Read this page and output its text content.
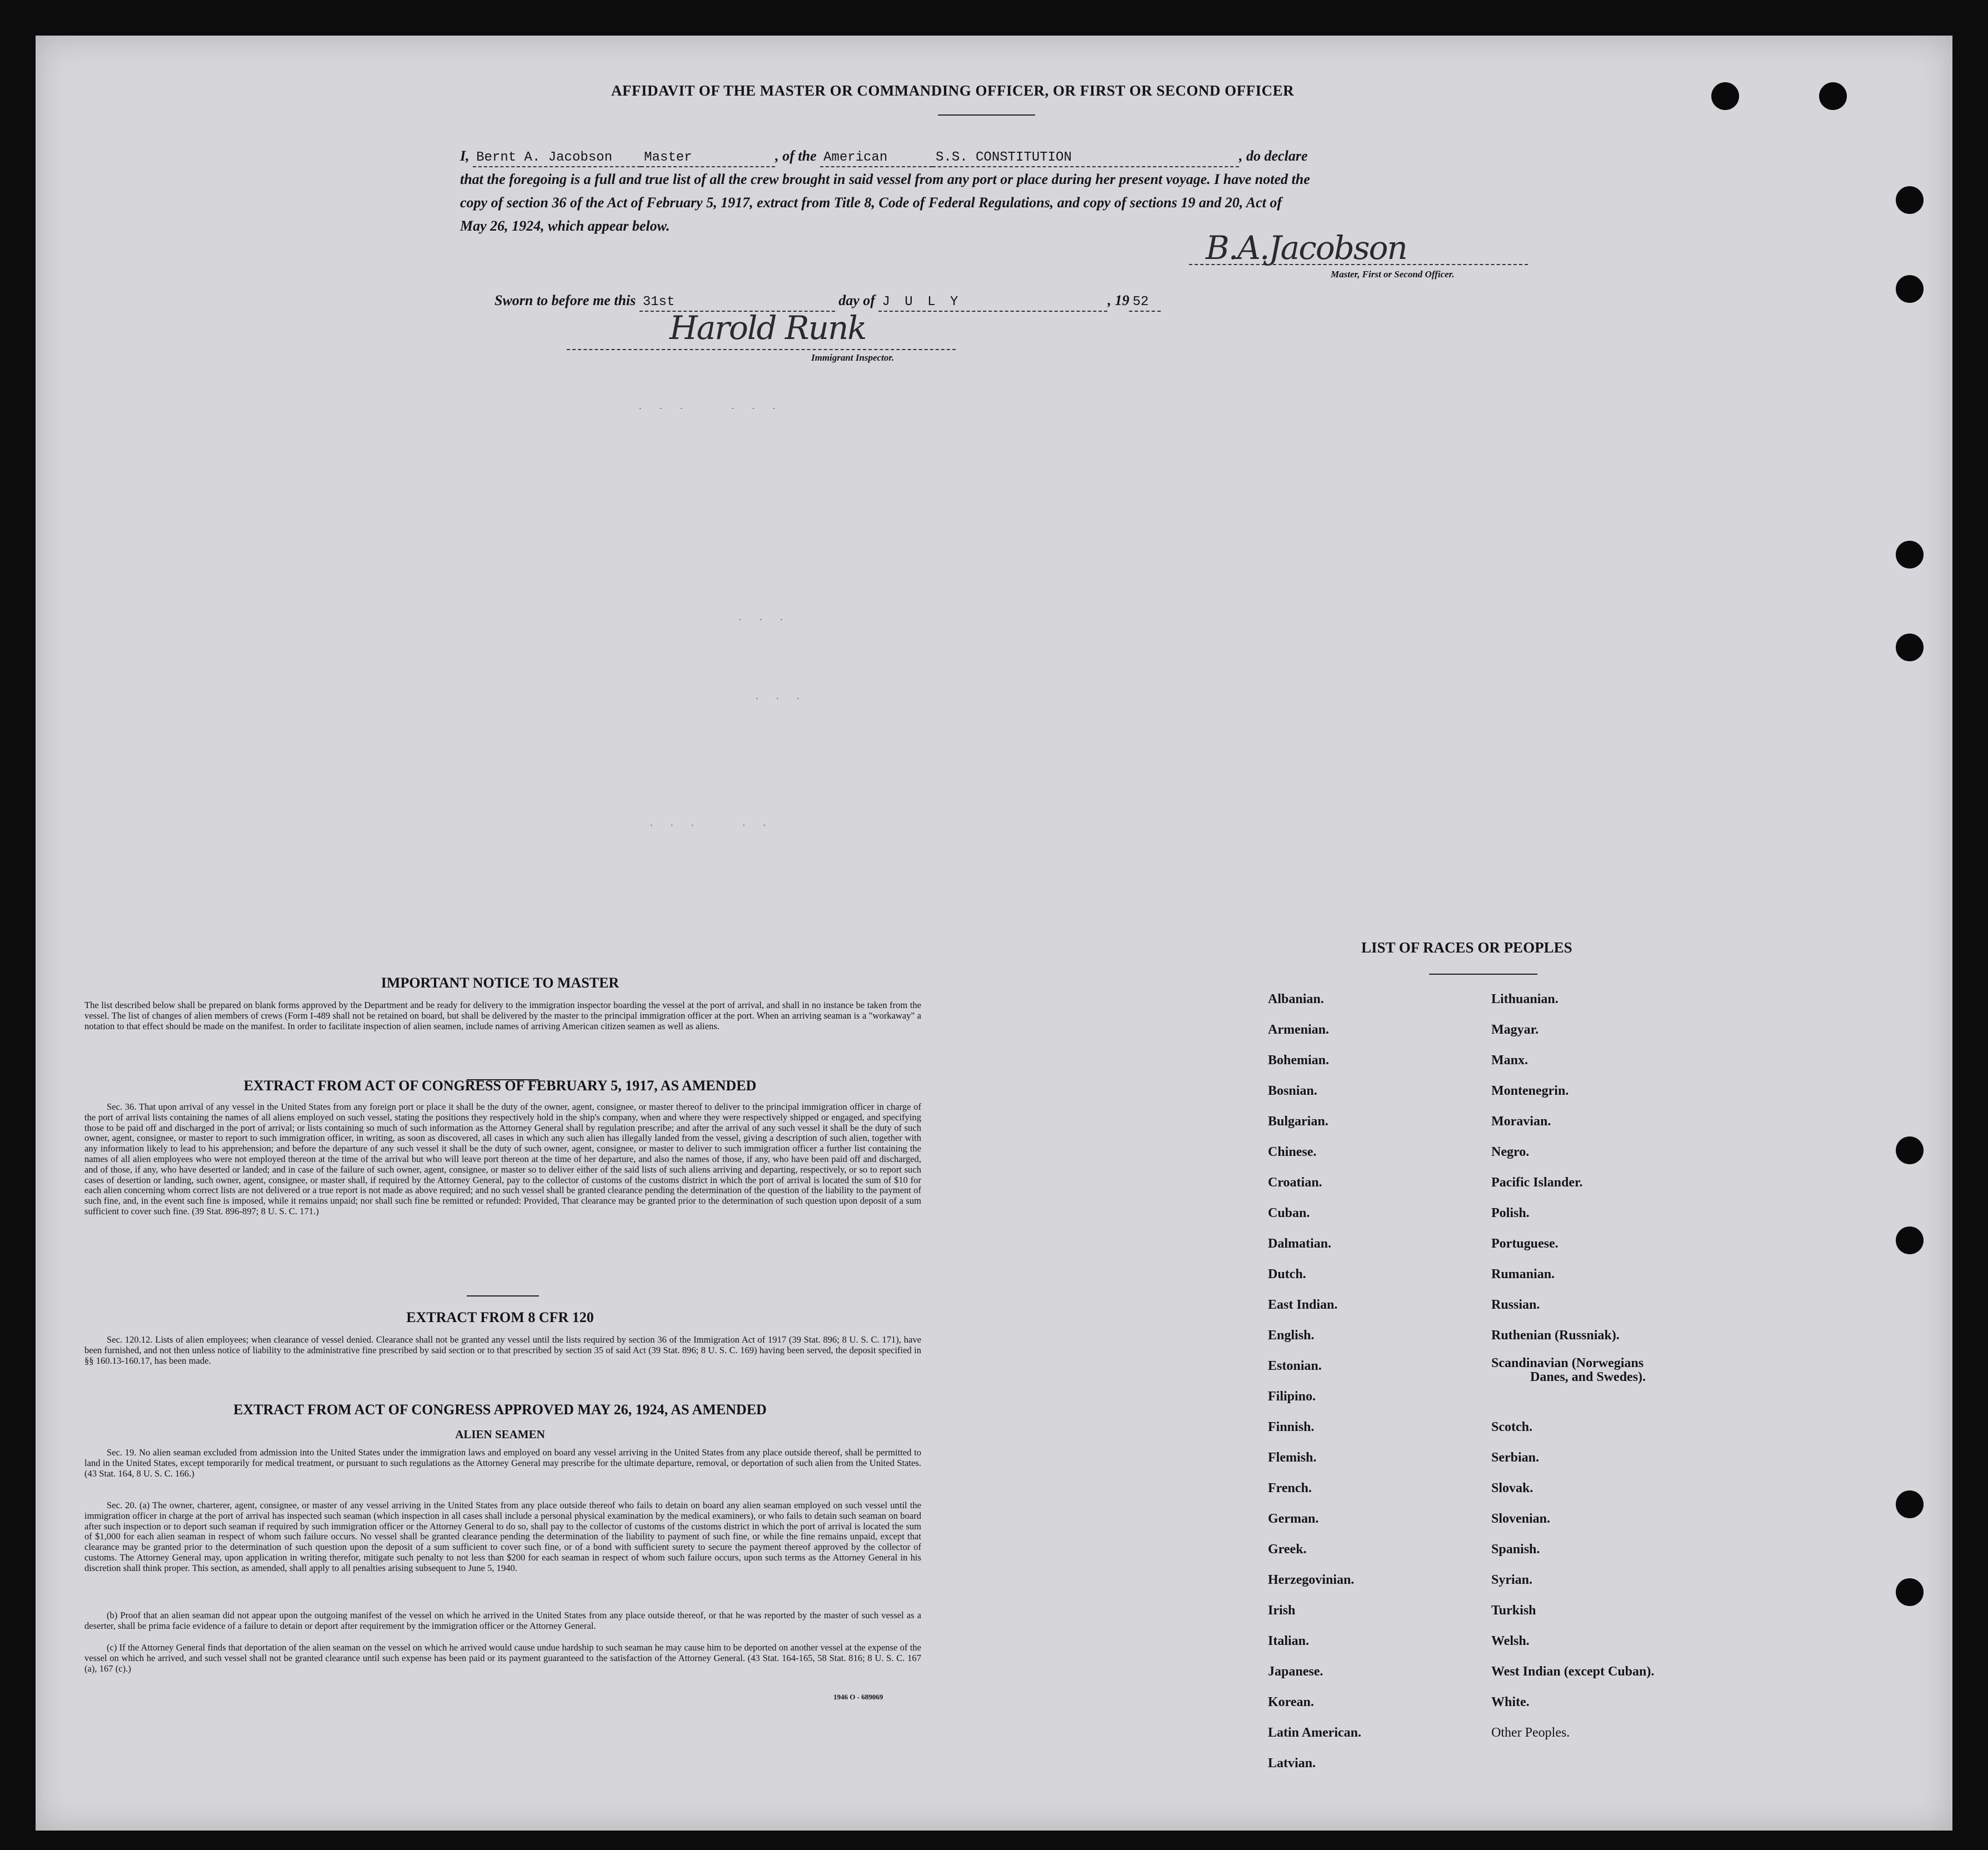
AFFIDAVIT OF THE MASTER OR COMMANDING OFFICER, OR FIRST OR SECOND OFFICER
I, Bernt A. Jacobson Master	, of the American	S.S. CONSTITUTION	, do declare
that the foregoing is a full and true list of all the crew brought in said vessel from any port or place during her present voyage. I have noted the
copy of section 36 of the Act of February 5, 1917, extract from Title 8, Code of Federal Regulations, and copy of sections 19 and 20, Act of
May 26, 1924, which appear below.
B.A.Jacobson
Master, First or Second Officer.
Sworn to before me this 31st	day of J U L Y	, 19 52
Harold Runk
Immigrant Inspector.
. . .    . . .
. . .
. . .
. . .    . .
IMPORTANT NOTICE TO MASTER
The list described below shall be prepared on blank forms approved by the Department and be ready for delivery to the immigration inspector boarding the vessel at the port of arrival, and shall in no instance be taken from the vessel. The list of changes of alien members of crews (Form I-489 shall not be retained on board, but shall be delivered by the master to the principal immigration officer at the port. When an arriving seaman is a "workaway" a notation to that effect should be made on the manifest. In order to facilitate inspection of alien seamen, include names of arriving American citizen seamen as well as aliens.
EXTRACT FROM ACT OF CONGRESS OF FEBRUARY 5, 1917, AS AMENDED
Sec. 36. That upon arrival of any vessel in the United States from any foreign port or place it shall be the duty of the owner, agent, consignee, or master thereof to deliver to the principal immigration officer in charge of the port of arrival lists containing the names of all aliens employed on such vessel, stating the positions they respectively hold in the ship's company, when and where they were respectively shipped or engaged, and specifying those to be paid off and discharged in the port of arrival; or lists containing so much of such information as the Attorney General shall by regulation prescribe; and after the arrival of any such vessel it shall be the duty of such owner, agent, consignee, or master to report to such immigration officer, in writing, as soon as discovered, all cases in which any such alien has illegally landed from the vessel, giving a description of such alien, together with any information likely to lead to his apprehension; and before the departure of any such vessel it shall be the duty of such owner, agent, consignee, or master to deliver to such immigration officer a further list containing the names of all alien employees who were not employed thereon at the time of the arrival but who will leave port thereon at the time of her departure, and also the names of those, if any, who have been paid off and discharged, and of those, if any, who have deserted or landed; and in case of the failure of such owner, agent, consignee, or master so to deliver either of the said lists of such aliens arriving and departing, respectively, or so to report such cases of desertion or landing, such owner, agent, consignee, or master shall, if required by the Attorney General, pay to the collector of customs of the customs district in which the port of arrival is located the sum of $10 for each alien concerning whom correct lists are not delivered or a true report is not made as above required; and no such vessel shall be granted clearance pending the determination of the question of the liability to the payment of such fine, and, in the event such fine is imposed, while it remains unpaid; nor shall such fine be remitted or refunded: Provided, That clearance may be granted prior to the determination of such question upon deposit of a sum sufficient to cover such fine. (39 Stat. 896-897; 8 U. S. C. 171.)
EXTRACT FROM 8 CFR 120
Sec. 120.12. Lists of alien employees; when clearance of vessel denied. Clearance shall not be granted any vessel until the lists required by section 36 of the Immigration Act of 1917 (39 Stat. 896; 8 U. S. C. 171), have been furnished, and not then unless notice of liability to the administrative fine prescribed by said section or to that prescribed by section 35 of said Act (39 Stat. 896; 8 U. S. C. 169) having been served, the deposit specified in §§ 160.13-160.17, has been made.
EXTRACT FROM ACT OF CONGRESS APPROVED MAY 26, 1924, AS AMENDED
ALIEN SEAMEN
Sec. 19. No alien seaman excluded from admission into the United States under the immigration laws and employed on board any vessel arriving in the United States from any place outside thereof, shall be permitted to land in the United States, except temporarily for medical treatment, or pursuant to such regulations as the Attorney General may prescribe for the ultimate departure, removal, or deportation of such alien from the United States. (43 Stat. 164, 8 U. S. C. 166.)
Sec. 20. (a) The owner, charterer, agent, consignee, or master of any vessel arriving in the United States from any place outside thereof who fails to detain on board any alien seaman employed on such vessel until the immigration officer in charge at the port of arrival has inspected such seaman (which inspection in all cases shall include a personal physical examination by the medical examiners), or who fails to detain such seaman on board after such inspection or to deport such seaman if required by such immigration officer or the Attorney General to do so, shall pay to the collector of customs of the customs district in which the port of arrival is located the sum of $1,000 for each alien seaman in respect of whom such failure occurs. No vessel shall be granted clearance pending the determination of the liability to payment of such fine, or while the fine remains unpaid, except that clearance may be granted prior to the determination of such question upon the deposit of a sum sufficient to cover such fine, or of a bond with sufficient surety to secure the payment thereof approved by the collector of customs. The Attorney General may, upon application in writing therefor, mitigate such penalty to not less than $200 for each seaman in respect of whom such failure occurs, upon such terms as the Attorney General in his discretion shall think proper. This section, as amended, shall apply to all penalties arising subsequent to June 5, 1940.
(b) Proof that an alien seaman did not appear upon the outgoing manifest of the vessel on which he arrived in the United States from any place outside thereof, or that he was reported by the master of such vessel as a deserter, shall be prima facie evidence of a failure to detain or deport after requirement by the immigration officer or the Attorney General.
(c) If the Attorney General finds that deportation of the alien seaman on the vessel on which he arrived would cause undue hardship to such seaman he may cause him to be deported on another vessel at the expense of the vessel on which he arrived, and such vessel shall not be granted clearance until such expense has been paid or its payment guaranteed to the satisfaction of the Attorney General. (43 Stat. 164-165, 58 Stat. 816; 8 U. S. C. 167 (a), 167 (c).)
1946 O - 689069
LIST OF RACES OR PEOPLES
Albanian.
Armenian.
Bohemian.
Bosnian.
Bulgarian.
Chinese.
Croatian.
Cuban.
Dalmatian.
Dutch.
East Indian.
English.
Estonian.
Filipino.
Finnish.
Flemish.
French.
German.
Greek.
Herzegovinian.
Irish
Italian.
Japanese.
Korean.
Latin American.
Latvian.
Lithuanian.
Magyar.
Manx.
Montenegrin.
Moravian.
Negro.
Pacific Islander.
Polish.
Portuguese.
Rumanian.
Russian.
Ruthenian (Russniak).
Scandinavian (Norwegians
Danes, and Swedes).
Scotch.
Serbian.
Slovak.
Slovenian.
Spanish.
Syrian.
Turkish
Welsh.
West Indian (except Cuban).
White.
Other Peoples.
